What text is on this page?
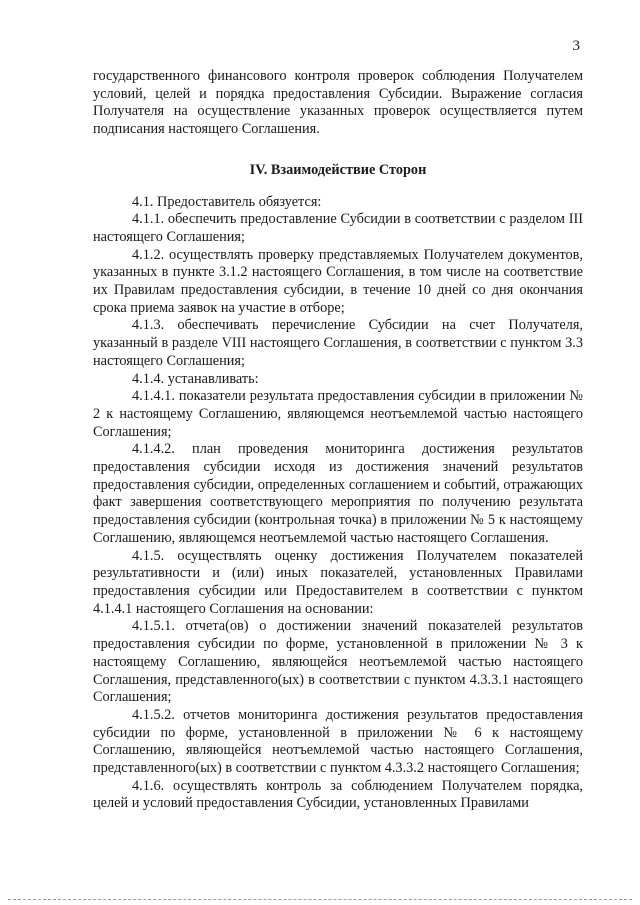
3

государственного финансового контроля проверок соблюдения Получателем условий, целей и порядка предоставления Субсидии. Выражение согласия Получателя на осуществление указанных проверок осуществляется путем подписания настоящего Соглашения.

IV. Взаимодействие Сторон

4.1. Предоставитель обязуется:

4.1.1. обеспечить предоставление Субсидии в соответствии с разделом III настоящего Соглашения;

4.1.2. осуществлять проверку представляемых Получателем документов, указанных в пункте 3.1.2 настоящего Соглашения, в том числе на соответствие их Правилам предоставления субсидии, в течение 10 дней со дня окончания срока приема заявок на участие в отборе;

4.1.3. обеспечивать перечисление Субсидии на счет Получателя, указанный в разделе VIII настоящего Соглашения, в соответствии с пунктом 3.3 настоящего Соглашения;

4.1.4. устанавливать:

4.1.4.1. показатели результата предоставления субсидии в приложении № 2 к настоящему Соглашению, являющемся неотъемлемой частью настоящего Соглашения;

4.1.4.2. план проведения мониторинга достижения результатов предоставления субсидии исходя из достижения значений результатов предоставления субсидии, определенных соглашением и событий, отражающих факт завершения соответствующего мероприятия по получению результата предоставления субсидии (контрольная точка) в приложении № 5 к настоящему Соглашению, являющемся неотъемлемой частью настоящего Соглашения.

4.1.5. осуществлять оценку достижения Получателем показателей результативности и (или) иных показателей, установленных Правилами предоставления субсидии или Предоставителем в соответствии с пунктом 4.1.4.1 настоящего Соглашения на основании:

4.1.5.1. отчета(ов) о достижении значений показателей результатов предоставления субсидии по форме, установленной в приложении № 3 к настоящему Соглашению, являющейся неотъемлемой частью настоящего Соглашения, представленного(ых) в соответствии с пунктом 4.3.3.1 настоящего Соглашения;

4.1.5.2. отчетов мониторинга достижения результатов предоставления субсидии по форме, установленной в приложении № 6 к настоящему Соглашению, являющейся неотъемлемой частью настоящего Соглашения, представленного(ых) в соответствии с пунктом 4.3.3.2 настоящего Соглашения;

4.1.6. осуществлять контроль за соблюдением Получателем порядка, целей и условий предоставления Субсидии, установленных Правилами
